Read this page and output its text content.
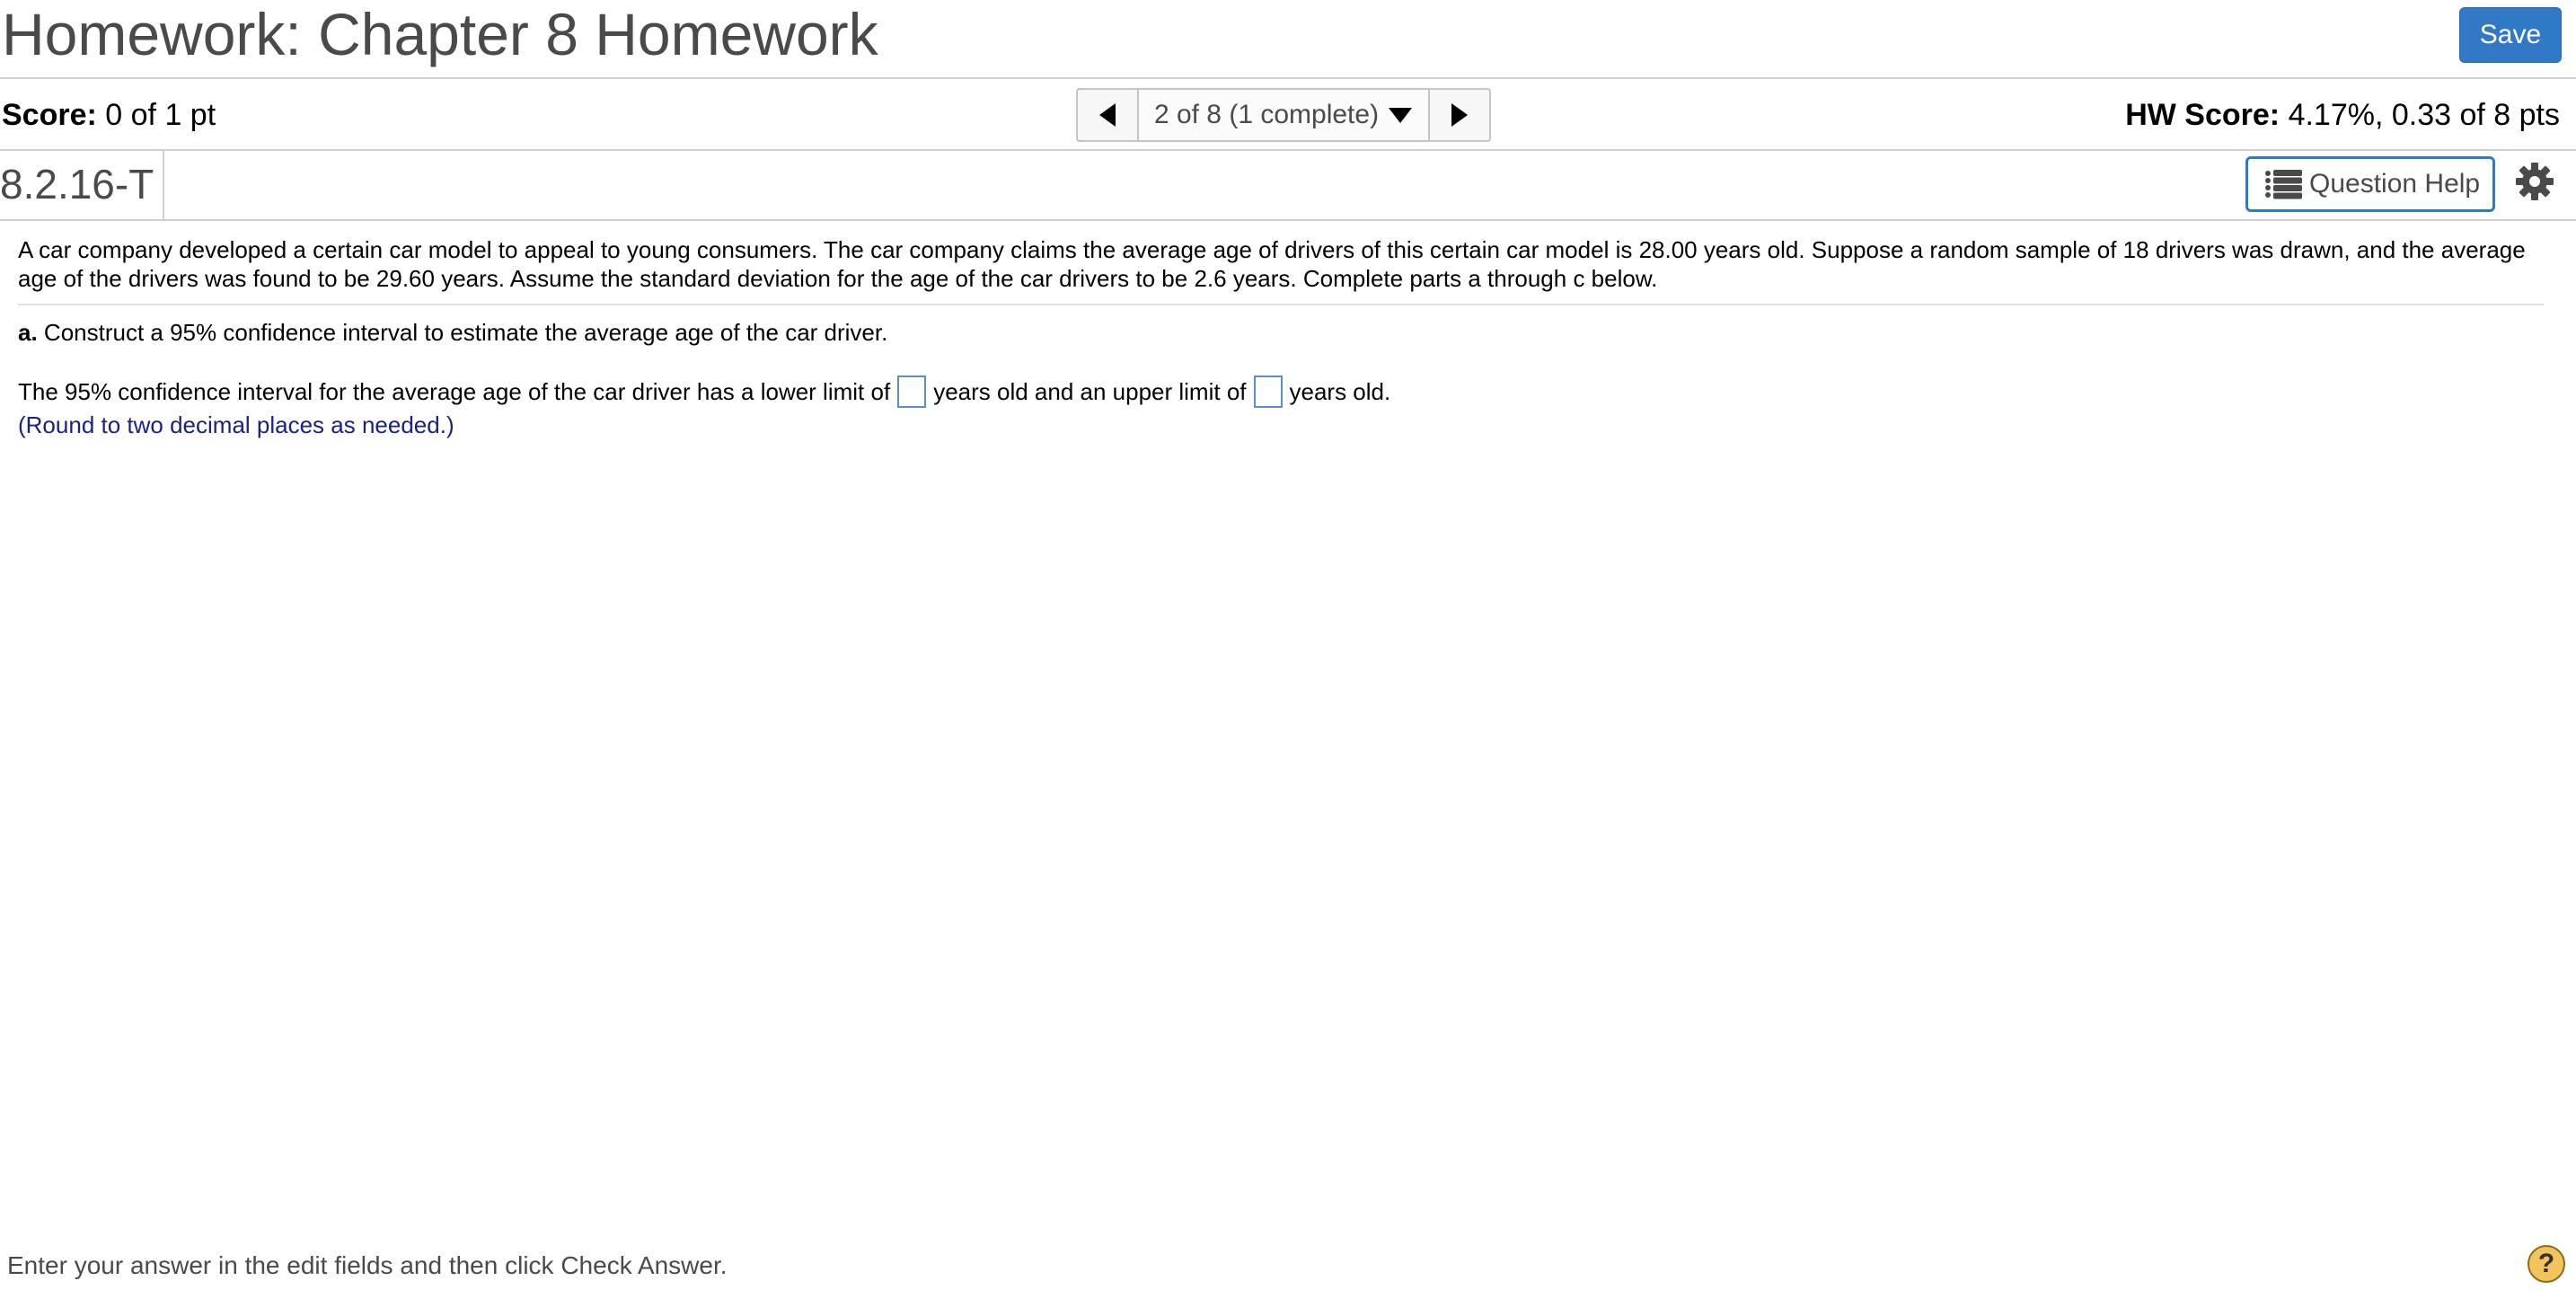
Homework: Chapter 8 Homework	Save
Score: 0 of 1 pt	2 of 8 (1 complete)	HW Score: 4.17%, 0.33 of 8 pts
8.2.16-T	Question Help
A car company developed a certain car model to appeal to young consumers. The car company claims the average age of drivers of this certain car model is 28.00 years old. Suppose a random sample of 18 drivers was drawn, and the average age of the drivers was found to be 29.60 years. Assume the standard deviation for the age of the car drivers to be 2.6 years. Complete parts a through c below.
a. Construct a 95% confidence interval to estimate the average age of the car driver.
The 95% confidence interval for the average age of the car driver has a lower limit of years old and an upper limit of years old.
(Round to two decimal places as needed.)
Enter your answer in the edit fields and then click Check Answer.	?
